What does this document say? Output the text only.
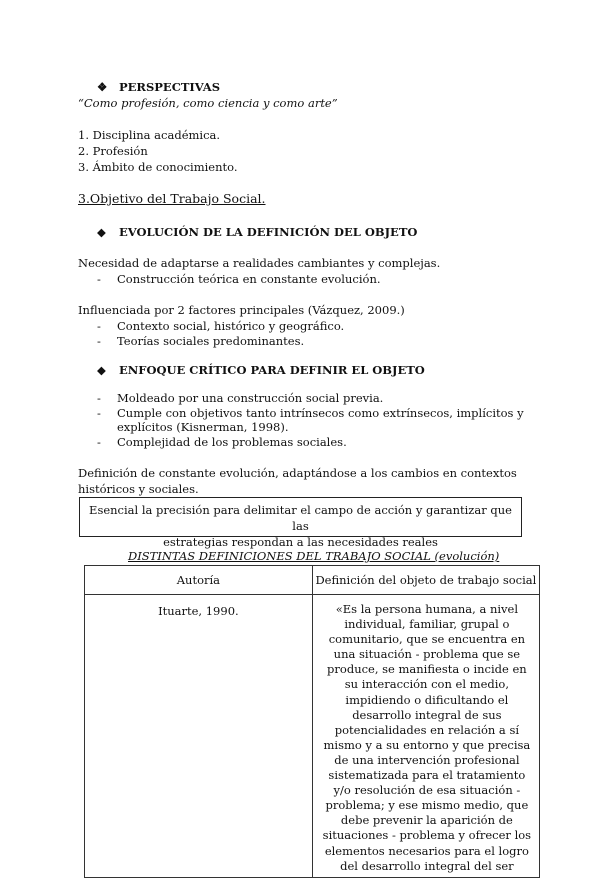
❖ PERSPECTIVAS
“Como profesión, como ciencia y como arte”
1. Disciplina académica.
2. Profesión
3. Ámbito de conocimiento.
3.Objetivo del Trabajo Social.
◆ EVOLUCIÓN DE LA DEFINICIÓN DEL OBJETO
Necesidad de adaptarse a realidades cambiantes y complejas.
- Construcción teórica en constante evolución.
Influenciada por 2 factores principales (Vázquez, 2009.)
- Contexto social, histórico y geográfico.
- Teorías sociales predominantes.
◆ ENFOQUE CRÍTICO PARA DEFINIR EL OBJETO
- Moldeado por una construcción social previa.
- Cumple con objetivos tanto intrínsecos como extrínsecos, implícitos y
explícitos (Kisnerman, 1998).
- Complejidad de los problemas sociales.
Definición de constante evolución, adaptándose a los cambios en contextos
históricos y sociales.
Esencial la precisión para delimitar el campo de acción y garantizar que las
estrategias respondan a las necesidades reales
DISTINTAS DEFINICIONES DEL TRABAJO SOCIAL (evolución)
Autoría	Definición del objeto de trabajo social

Ituarte, 1990.	«Es la persona humana, a nivel individual, familiar, grupal o comunitario, que se encuentra en una situación - problema que se produce, se manifiesta o incide en su interacción con el medio, impidiendo o dificultando el desarrollo integral de sus potencialidades en relación a sí mismo y a su entorno y que precisa de una intervención profesional sistematizada para el tratamiento y/o resolución de esa situación - problema; y ese mismo medio, que debe prevenir la aparición de situaciones - problema y ofrecer los elementos necesarios para el logro del desarrollo integral del ser
